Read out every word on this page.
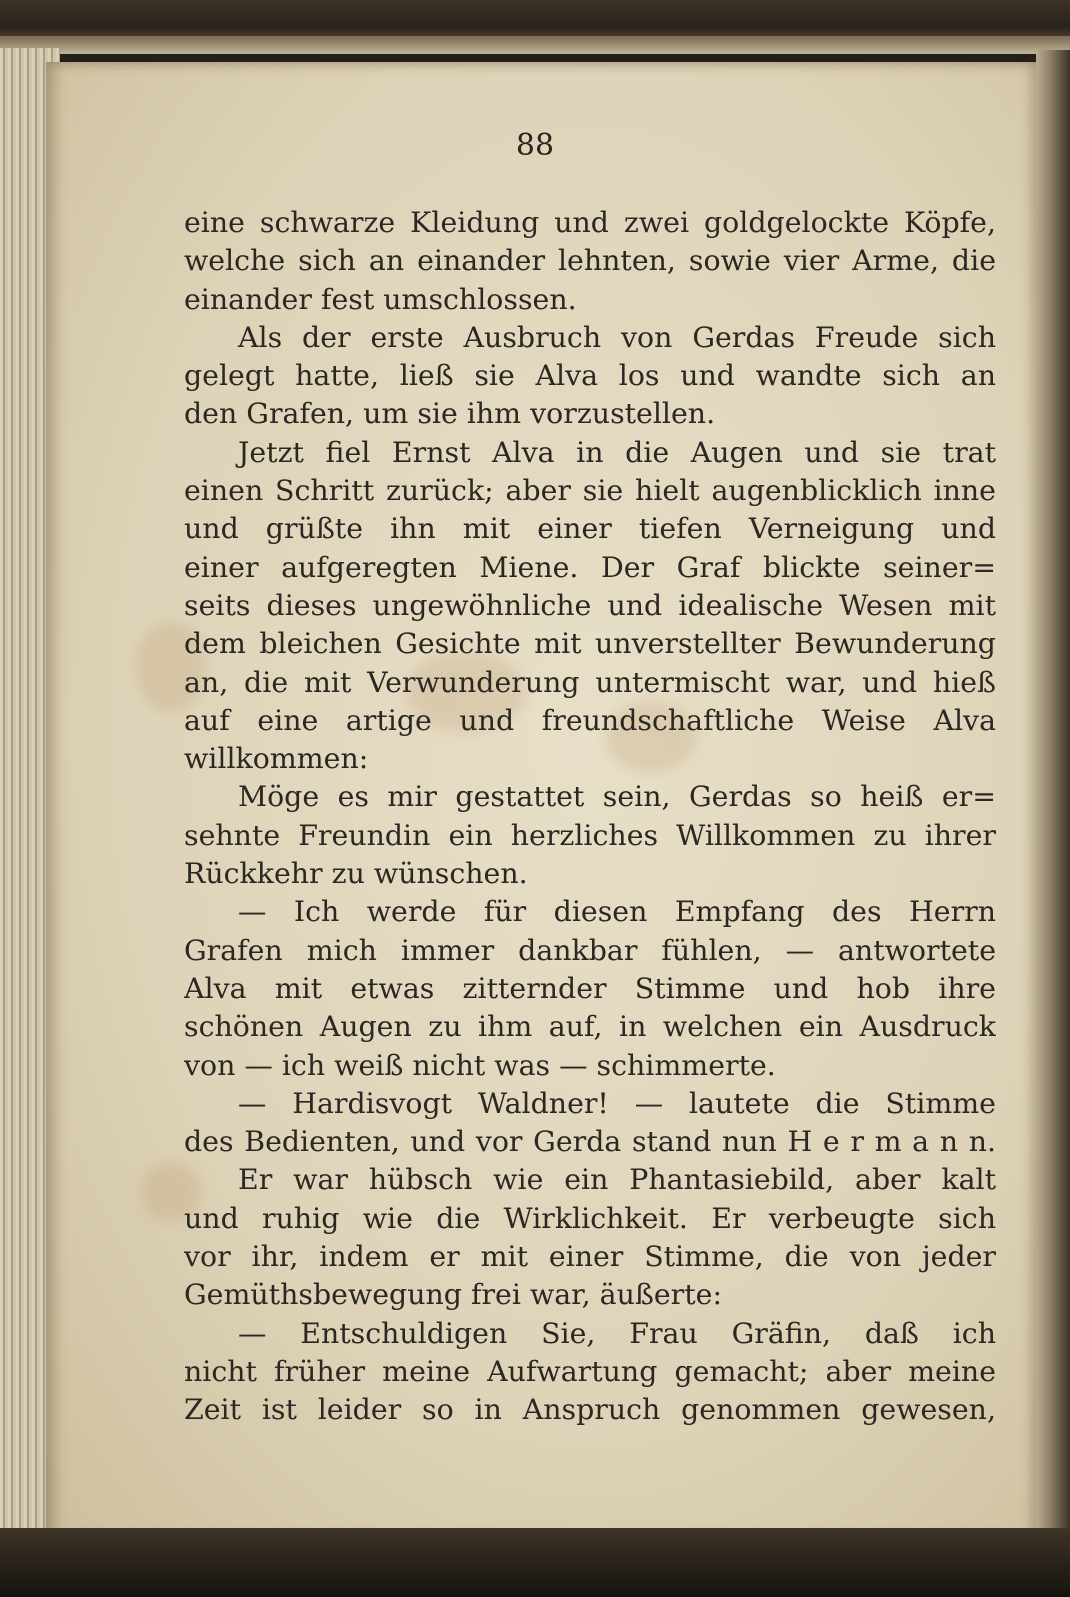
88
eine schwarze Kleidung und zwei goldgelockte Köpfe,
welche sich an einander lehnten, sowie vier Arme, die
einander fest umschlossen.
Als der erste Ausbruch von Gerdas Freude sich
gelegt hatte, ließ sie Alva los und wandte sich an
den Grafen, um sie ihm vorzustellen.
Jetzt fiel Ernst Alva in die Augen und sie trat
einen Schritt zurück; aber sie hielt augenblicklich inne
und grüßte ihn mit einer tiefen Verneigung und
einer aufgeregten Miene. Der Graf blickte seiner=
seits dieses ungewöhnliche und idealische Wesen mit
dem bleichen Gesichte mit unverstellter Bewunderung
an, die mit Verwunderung untermischt war, und hieß
auf eine artige und freundschaftliche Weise Alva
willkommen:
Möge es mir gestattet sein, Gerdas so heiß er=
sehnte Freundin ein herzliches Willkommen zu ihrer
Rückkehr zu wünschen.
— Ich werde für diesen Empfang des Herrn
Grafen mich immer dankbar fühlen, — antwortete
Alva mit etwas zitternder Stimme und hob ihre
schönen Augen zu ihm auf, in welchen ein Ausdruck
von — ich weiß nicht was — schimmerte.
— Hardisvogt Waldner! — lautete die Stimme
des Bedienten, und vor Gerda stand nun H e r m a n n.
Er war hübsch wie ein Phantasiebild, aber kalt
und ruhig wie die Wirklichkeit. Er verbeugte sich
vor ihr, indem er mit einer Stimme, die von jeder
Gemüthsbewegung frei war, äußerte:
— Entschuldigen Sie, Frau Gräfin, daß ich
nicht früher meine Aufwartung gemacht; aber meine
Zeit ist leider so in Anspruch genommen gewesen,
